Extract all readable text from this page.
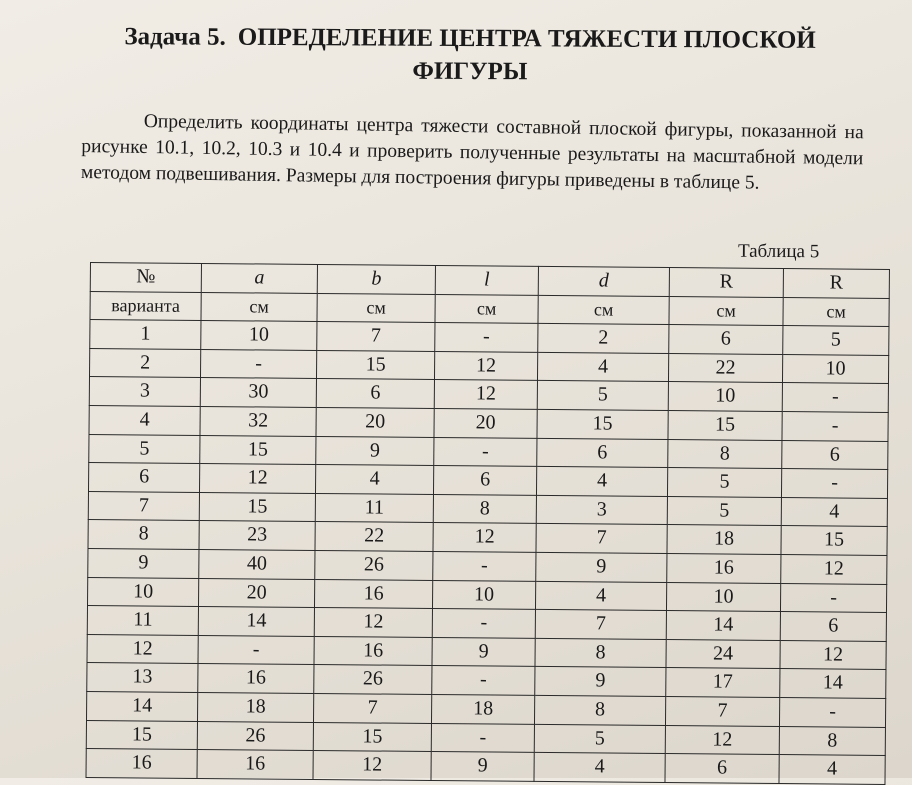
Задача 5. ОПРЕДЕЛЕНИЕ ЦЕНТРА ТЯЖЕСТИ ПЛОСКОЙ
ФИГУРЫ
Определить координаты центра тяжести составной плоской фигуры, показанной на рисунке 10.1, 10.2, 10.3 и 10.4 и проверить полученные результаты на масштабной модели методом подвешивания. Размеры для построения фигуры приведены в таблице 5.
Таблица 5
№	a	b	l	d	R	R
варианта	см	см	см	см	см	см
1	10	7	-	2	6	5
2	-	15	12	4	22	10
3	30	6	12	5	10	-
4	32	20	20	15	15	-
5	15	9	-	6	8	6
6	12	4	6	4	5	-
7	15	11	8	3	5	4
8	23	22	12	7	18	15
9	40	26	-	9	16	12
10	20	16	10	4	10	-
11	14	12	-	7	14	6
12	-	16	9	8	24	12
13	16	26	-	9	17	14
14	18	7	18	8	7	-
15	26	15	-	5	12	8
16	16	12	9	4	6	4
